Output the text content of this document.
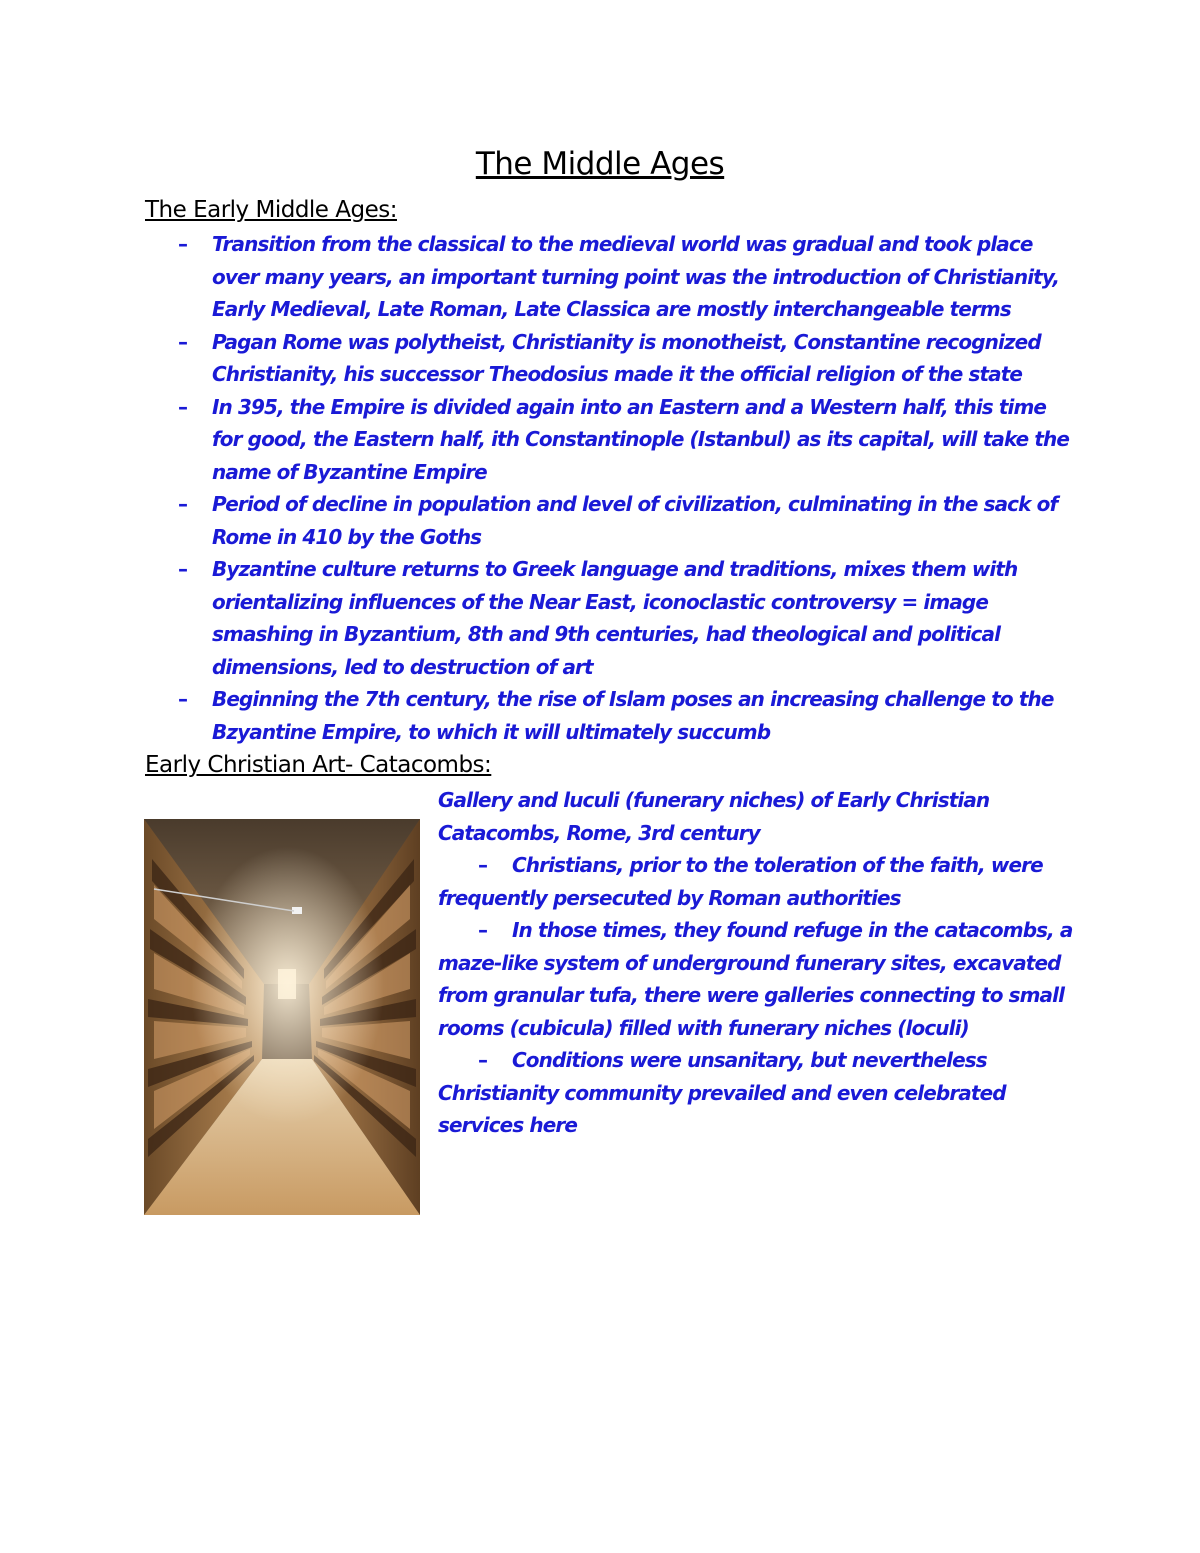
The Middle Ages
The Early Middle Ages:
– Transition from the classical to the medieval world was gradual and took place over many years, an important turning point was the introduction of Christianity, Early Medieval, Late Roman, Late Classica are mostly interchangeable terms
– Pagan Rome was polytheist, Christianity is monotheist, Constantine recognized Christianity, his successor Theodosius made it the official religion of the state
– In 395, the Empire is divided again into an Eastern and a Western half, this time for good, the Eastern half, ith Constantinople (Istanbul) as its capital, will take the name of Byzantine Empire
– Period of decline in population and level of civilization, culminating in the sack of Rome in 410 by the Goths
– Byzantine culture returns to Greek language and traditions, mixes them with orientalizing influences of the Near East, iconoclastic controversy = image smashing in Byzantium, 8th and 9th centuries, had theological and political dimensions, led to destruction of art
– Beginning the 7th century, the rise of Islam poses an increasing challenge to the Bzyantine Empire, to which it will ultimately succumb
Early Christian Art- Catacombs:

Gallery and luculi (funerary niches) of Early Christian Catacombs, Rome, 3rd century

– Christians, prior to the toleration of the faith, were frequently persecuted by Roman authorities

– In those times, they found refuge in the catacombs, a maze-like system of underground funerary sites, excavated from granular tufa, there were galleries connecting to small rooms (cubicula) filled with funerary niches (loculi)

– Conditions were unsanitary, but nevertheless Christianity community prevailed and even celebrated services here
